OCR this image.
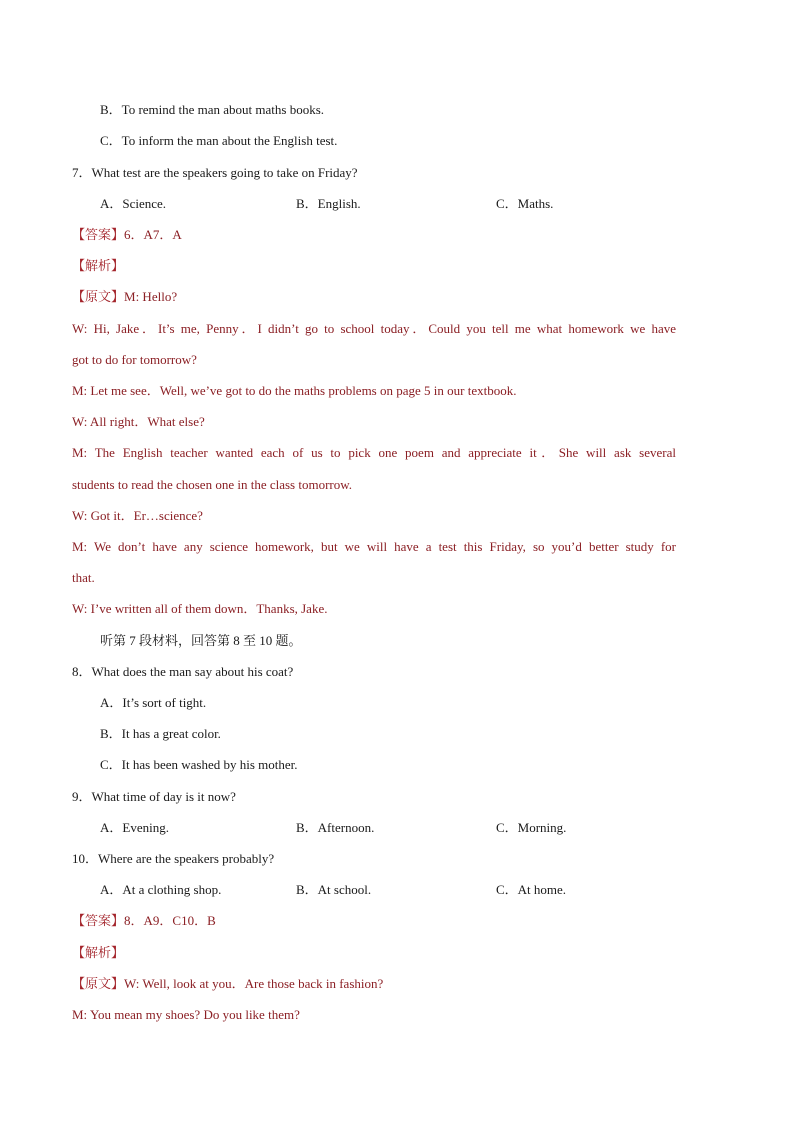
B．To remind the man about maths books.

C．To inform the man about the English test.

7．What test are the speakers going to take on Friday?

A．Science.	B．English.	C．Maths.

【答案】6．A7．A

【解析】

【原文】M: Hello?

W: Hi, Jake．It’s me, Penny．I didn’t go to school today．Could you tell me what homework we have

got to do for tomorrow?

M: Let me see．Well, we’ve got to do the maths problems on page 5 in our textbook.

W: All right．What else?

M: The English teacher wanted each of us to pick one poem and appreciate it．She will ask several

students to read the chosen one in the class tomorrow.

W: Got it．Er…science?

M: We don’t have any science homework, but we will have a test this Friday, so you’d better study for

that.

W: I’ve written all of them down．Thanks, Jake.

听第 7 段材料，回答第 8 至 10 题。

8．What does the man say about his coat?

A．It’s sort of tight.

B．It has a great color.

C．It has been washed by his mother.

9．What time of day is it now?

A．Evening.	B．Afternoon.	C．Morning.

10．Where are the speakers probably?

A．At a clothing shop.	B．At school.	C．At home.

【答案】8．A9．C10．B

【解析】

【原文】W: Well, look at you．Are those back in fashion?

M: You mean my shoes? Do you like them?
